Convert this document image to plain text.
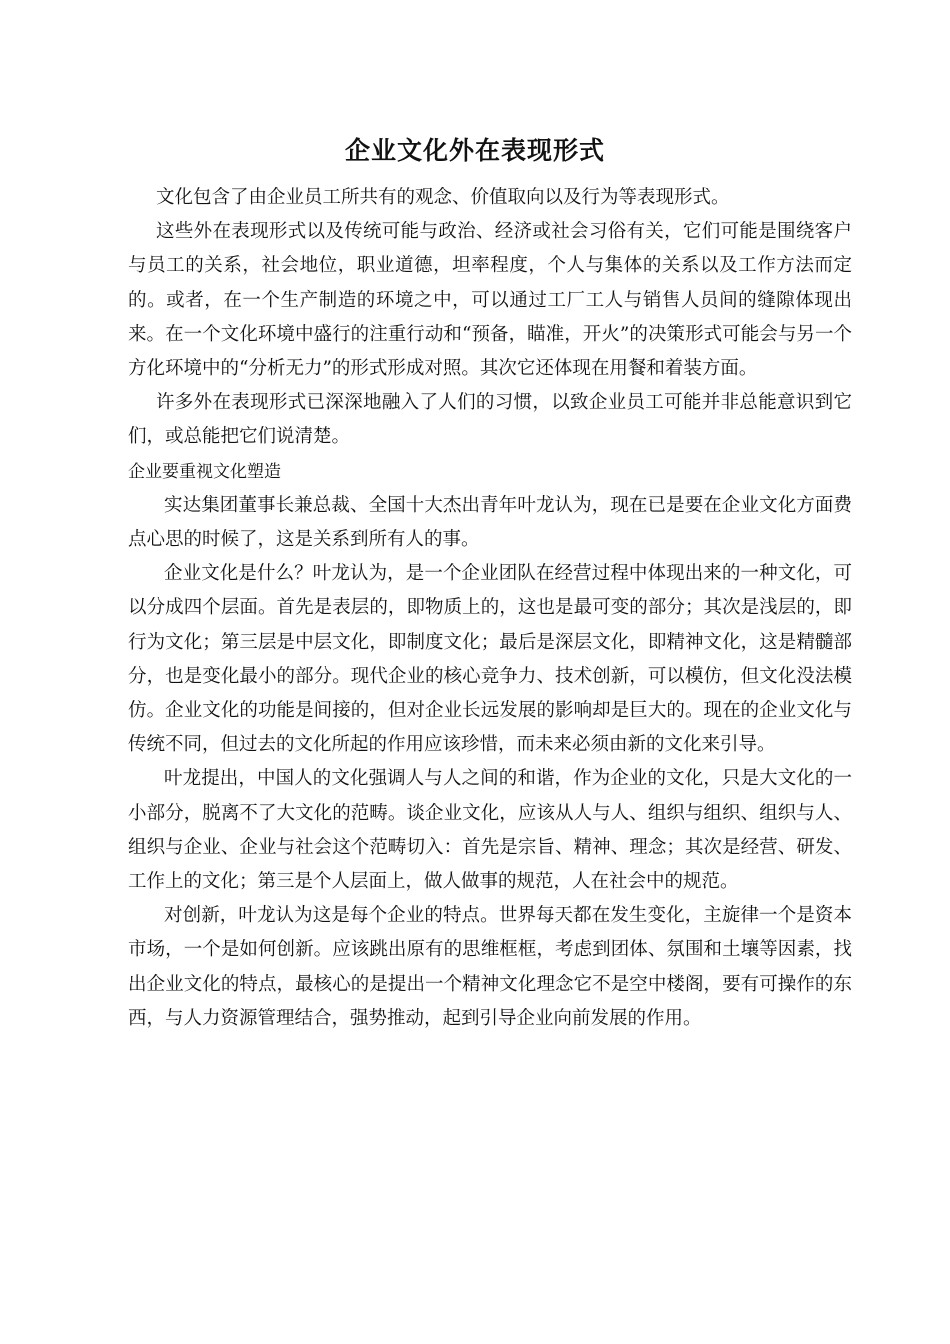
企业文化外在表现形式

文化包含了由企业员工所共有的观念、价值取向以及行为等表现形式。

这些外在表现形式以及传统可能与政治、经济或社会习俗有关，它们可能是围绕客户与员工的关系，社会地位，职业道德，坦率程度，个人与集体的关系以及工作方法而定的。或者，在一个生产制造的环境之中，可以通过工厂工人与销售人员间的缝隙体现出来。在一个文化环境中盛行的注重行动和“预备，瞄准，开火”的决策形式可能会与另一个方化环境中的“分析无力”的形式形成对照。其次它还体现在用餐和着装方面。

许多外在表现形式已深深地融入了人们的习惯，以致企业员工可能并非总能意识到它们，或总能把它们说清楚。

企业要重视文化塑造

实达集团董事长兼总裁、全国十大杰出青年叶龙认为，现在已是要在企业文化方面费点心思的时候了，这是关系到所有人的事。

企业文化是什么？叶龙认为，是一个企业团队在经营过程中体现出来的一种文化，可以分成四个层面。首先是表层的，即物质上的，这也是最可变的部分；其次是浅层的，即行为文化；第三层是中层文化，即制度文化；最后是深层文化，即精神文化，这是精髓部分，也是变化最小的部分。现代企业的核心竞争力、技术创新，可以模仿，但文化没法模仿。企业文化的功能是间接的，但对企业长远发展的影响却是巨大的。现在的企业文化与传统不同，但过去的文化所起的作用应该珍惜，而未来必须由新的文化来引导。

叶龙提出，中国人的文化强调人与人之间的和谐，作为企业的文化，只是大文化的一小部分，脱离不了大文化的范畴。谈企业文化，应该从人与人、组织与组织、组织与人、组织与企业、企业与社会这个范畴切入：首先是宗旨、精神、理念；其次是经营、研发、工作上的文化；第三是个人层面上，做人做事的规范，人在社会中的规范。

对创新，叶龙认为这是每个企业的特点。世界每天都在发生变化，主旋律一个是资本市场，一个是如何创新。应该跳出原有的思维框框，考虑到团体、氛围和土壤等因素，找出企业文化的特点，最核心的是提出一个精神文化理念它不是空中楼阁，要有可操作的东西，与人力资源管理结合，强势推动，起到引导企业向前发展的作用。
